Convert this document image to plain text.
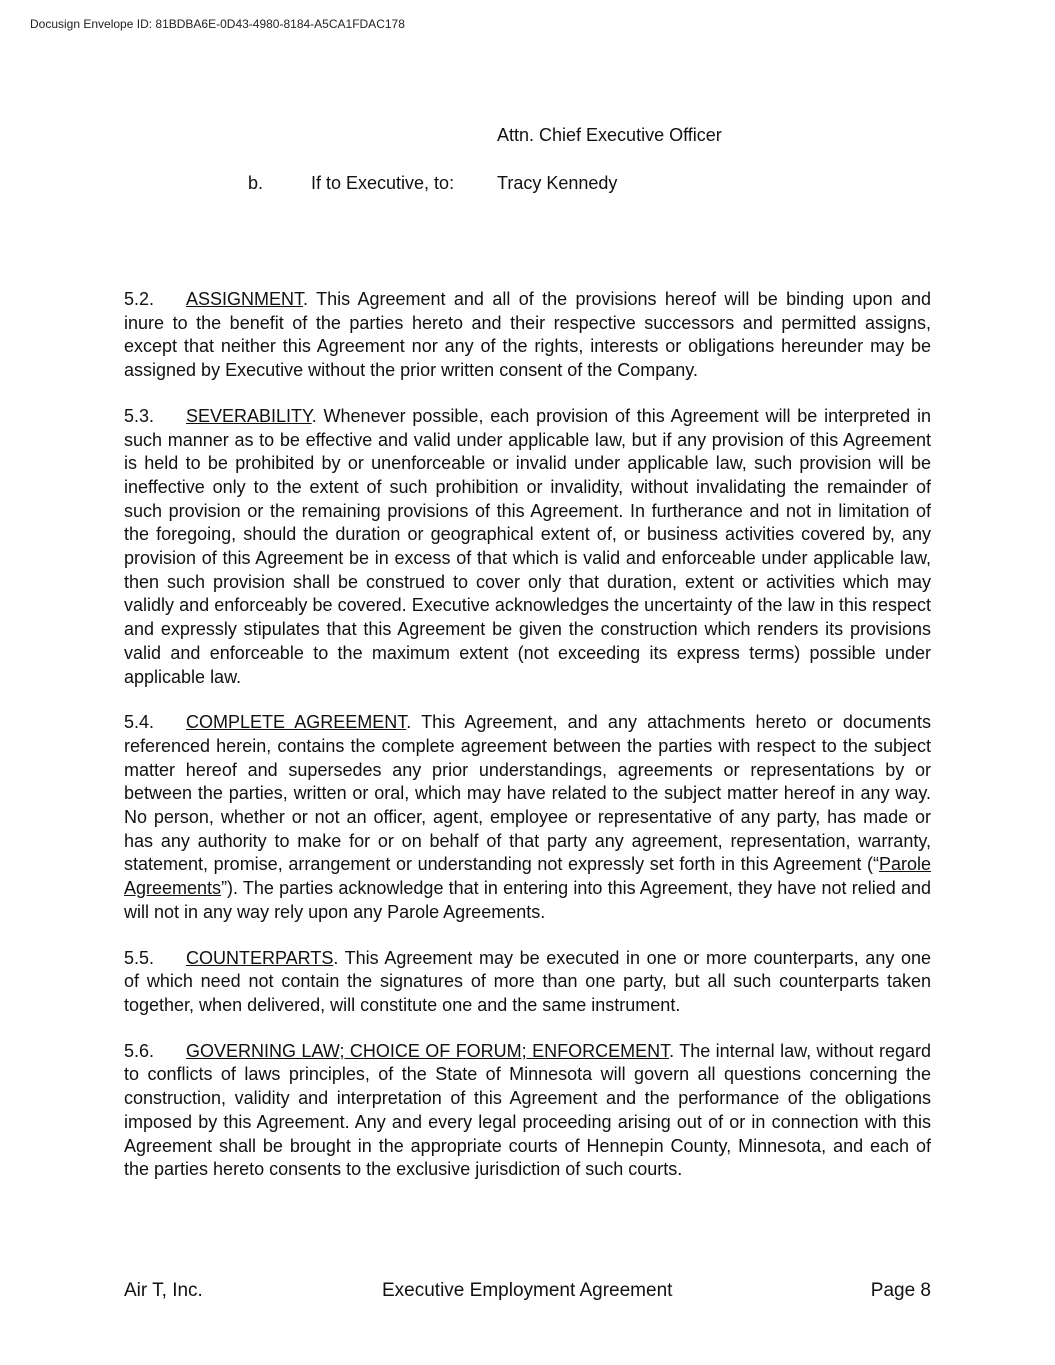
Docusign Envelope ID: 81BDBA6E-0D43-4980-8184-A5CA1FDAC178
Attn. Chief Executive Officer
b.	If to Executive, to: Tracy Kennedy

5.2. ASSIGNMENT. This Agreement and all of the provisions hereof will be binding upon and inure to the benefit of the parties hereto and their respective successors and permitted assigns, except that neither this Agreement nor any of the rights, interests or obligations hereunder may be assigned by Executive without the prior written consent of the Company.

5.3. SEVERABILITY. Whenever possible, each provision of this Agreement will be interpreted in such manner as to be effective and valid under applicable law, but if any provision of this Agreement is held to be prohibited by or unenforceable or invalid under applicable law, such provision will be ineffective only to the extent of such prohibition or invalidity, without invalidating the remainder of such provision or the remaining provisions of this Agreement. In furtherance and not in limitation of the foregoing, should the duration or geographical extent of, or business activities covered by, any provision of this Agreement be in excess of that which is valid and enforceable under applicable law, then such provision shall be construed to cover only that duration, extent or activities which may validly and enforceably be covered. Executive acknowledges the uncertainty of the law in this respect and expressly stipulates that this Agreement be given the construction which renders its provisions valid and enforceable to the maximum extent (not exceeding its express terms) possible under applicable law.

5.4. COMPLETE AGREEMENT. This Agreement, and any attachments hereto or documents referenced herein, contains the complete agreement between the parties with respect to the subject matter hereof and supersedes any prior understandings, agreements or representations by or between the parties, written or oral, which may have related to the subject matter hereof in any way. No person, whether or not an officer, agent, employee or representative of any party, has made or has any authority to make for or on behalf of that party any agreement, representation, warranty, statement, promise, arrangement or understanding not expressly set forth in this Agreement (“Parole Agreements”). The parties acknowledge that in entering into this Agreement, they have not relied and will not in any way rely upon any Parole Agreements.

5.5. COUNTERPARTS. This Agreement may be executed in one or more counterparts, any one of which need not contain the signatures of more than one party, but all such counterparts taken together, when delivered, will constitute one and the same instrument.

5.6. GOVERNING LAW; CHOICE OF FORUM; ENFORCEMENT. The internal law, without regard to conflicts of laws principles, of the State of Minnesota will govern all questions concerning the construction, validity and interpretation of this Agreement and the performance of the obligations imposed by this Agreement. Any and every legal proceeding arising out of or in connection with this Agreement shall be brought in the appropriate courts of Hennepin County, Minnesota, and each of the parties hereto consents to the exclusive jurisdiction of such courts.

Air T, Inc.	Executive Employment Agreement	Page 8
